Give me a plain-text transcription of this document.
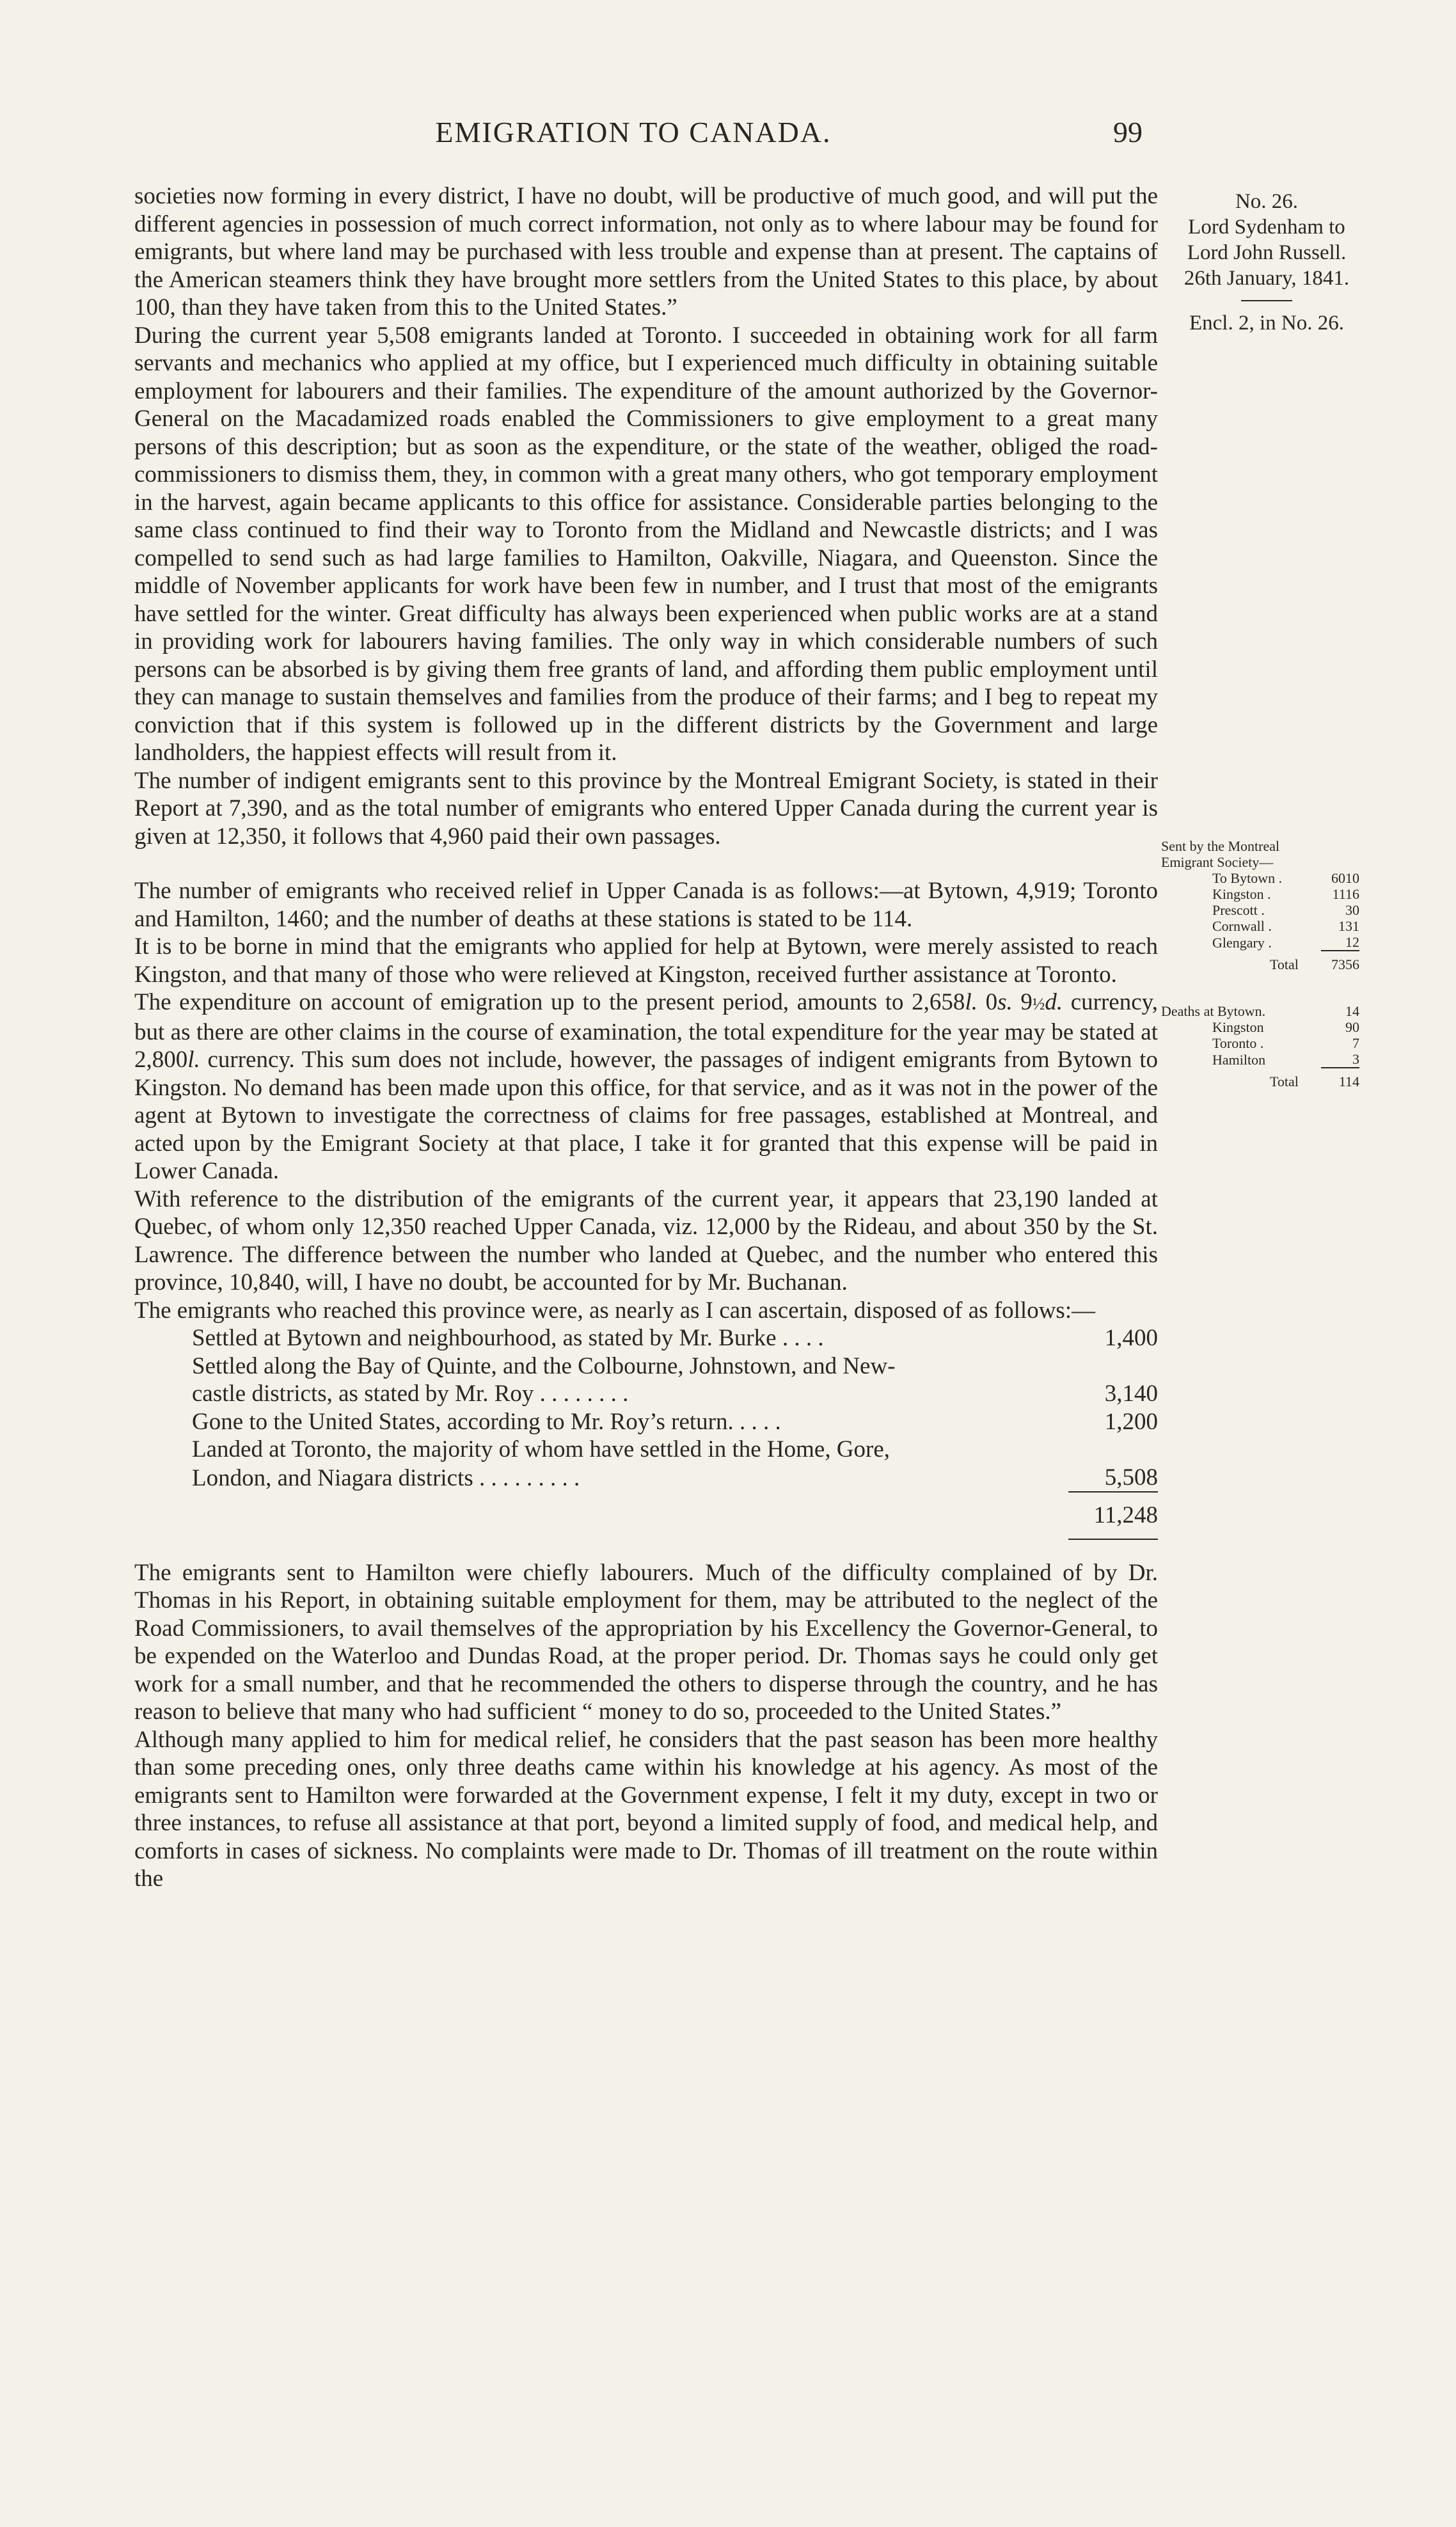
EMIGRATION TO CANADA.	99
No. 26.
Lord Sydenham to
Lord John Russell.
26th January, 1841.
Encl. 2, in No. 26.
Sent by the Montreal
Emigrant Society—
To Bytown .	6010
Kingston .	1116
Prescott .	30
Cornwall .	131
Glengary .	12
Total	7356
Deaths at Bytown.	14
Kingston	90
Toronto .	7
Hamilton	3
Total	114

societies now forming in every district, I have no doubt, will be productive of much good, and will put the different agencies in possession of much correct information, not only as to where labour may be found for emigrants, but where land may be purchased with less trouble and expense than at present. The captains of the American steamers think they have brought more settlers from the United States to this place, by about 100, than they have taken from this to the United States.”

During the current year 5,508 emigrants landed at Toronto. I succeeded in obtaining work for all farm servants and mechanics who applied at my office, but I experienced much difficulty in obtaining suitable employment for labourers and their families. The expenditure of the amount authorized by the Governor-General on the Macadamized roads enabled the Commissioners to give employment to a great many persons of this description; but as soon as the expenditure, or the state of the weather, obliged the road-commissioners to dismiss them, they, in common with a great many others, who got temporary employment in the harvest, again became applicants to this office for assistance. Considerable parties belonging to the same class continued to find their way to Toronto from the Midland and Newcastle districts; and I was compelled to send such as had large families to Hamilton, Oakville, Niagara, and Queenston. Since the middle of November applicants for work have been few in number, and I trust that most of the emigrants have settled for the winter. Great difficulty has always been experienced when public works are at a stand in providing work for labourers having families. The only way in which considerable numbers of such persons can be absorbed is by giving them free grants of land, and affording them public employment until they can manage to sustain themselves and families from the produce of their farms; and I beg to repeat my conviction that if this system is followed up in the different districts by the Government and large landholders, the happiest effects will result from it.

The number of indigent emigrants sent to this province by the Montreal Emigrant Society, is stated in their Report at 7,390, and as the total number of emigrants who entered Upper Canada during the current year is given at 12,350, it follows that 4,960 paid their own passages.

The number of emigrants who received relief in Upper Canada is as follows:—at Bytown, 4,919; Toronto and Hamilton, 1460; and the number of deaths at these stations is stated to be 114.

It is to be borne in mind that the emigrants who applied for help at Bytown, were merely assisted to reach Kingston, and that many of those who were relieved at Kingston, received further assistance at Toronto.

The expenditure on account of emigration up to the present period, amounts to 2,658l. 0s. 9½d. currency, but as there are other claims in the course of examination, the total expenditure for the year may be stated at 2,800l. currency. This sum does not include, however, the passages of indigent emigrants from Bytown to Kingston. No demand has been made upon this office, for that service, and as it was not in the power of the agent at Bytown to investigate the correctness of claims for free passages, established at Montreal, and acted upon by the Emigrant Society at that place, I take it for granted that this expense will be paid in Lower Canada.

With reference to the distribution of the emigrants of the current year, it appears that 23,190 landed at Quebec, of whom only 12,350 reached Upper Canada, viz. 12,000 by the Rideau, and about 350 by the St. Lawrence. The difference between the number who landed at Quebec, and the number who entered this province, 10,840, will, I have no doubt, be accounted for by Mr. Buchanan.

The emigrants who reached this province were, as nearly as I can ascertain, disposed of as follows:—

Settled at Bytown and neighbourhood, as stated by Mr. Burke . . . .	1,400
Settled along the Bay of Quinte, and the Colbourne, Johnstown, and New-	
castle districts, as stated by Mr. Roy . . . . . . . .	3,140
Gone to the United States, according to Mr. Roy’s return. . . . .	1,200
Landed at Toronto, the majority of whom have settled in the Home, Gore,	
London, and Niagara districts . . . . . . . . .	5,508
	11,248

The emigrants sent to Hamilton were chiefly labourers. Much of the difficulty complained of by Dr. Thomas in his Report, in obtaining suitable employment for them, may be attributed to the neglect of the Road Commissioners, to avail themselves of the appropriation by his Excellency the Governor-General, to be expended on the Waterloo and Dundas Road, at the proper period. Dr. Thomas says he could only get work for a small number, and that he recommended the others to disperse through the country, and he has reason to believe that many who had sufficient “ money to do so, proceeded to the United States.”

Although many applied to him for medical relief, he considers that the past season has been more healthy than some preceding ones, only three deaths came within his knowledge at his agency. As most of the emigrants sent to Hamilton were forwarded at the Government expense, I felt it my duty, except in two or three instances, to refuse all assistance at that port, beyond a limited supply of food, and medical help, and comforts in cases of sickness. No complaints were made to Dr. Thomas of ill treatment on the route within the
